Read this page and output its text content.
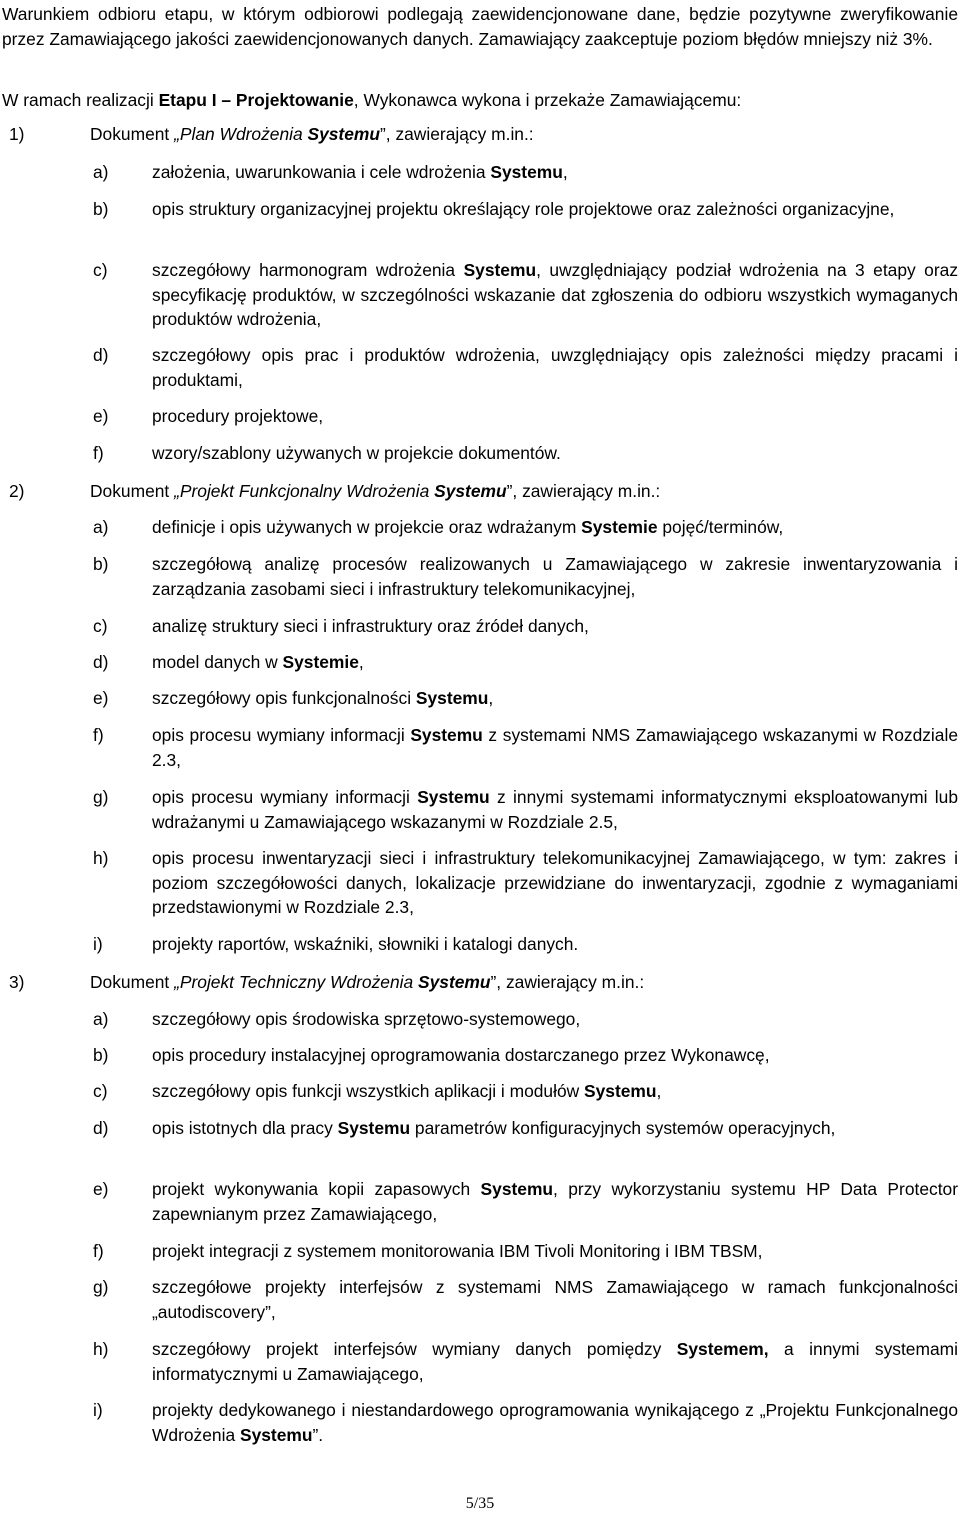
Warunkiem odbioru etapu, w którym odbiorowi podlegają zaewidencjonowane dane, będzie pozytywne zweryfikowanie przez Zamawiającego jakości zaewidencjonowanych danych. Zamawiający zaakceptuje poziom błędów mniejszy niż 3%.
W ramach realizacji Etapu I – Projektowanie, Wykonawca wykona i przekaże Zamawiającemu:
1)	Dokument „Plan Wdrożenia Systemu”, zawierający m.in.:
a)	założenia, uwarunkowania i cele wdrożenia Systemu,
b)	opis struktury organizacyjnej projektu określający role projektowe oraz zależności organizacyjne,
c)	szczegółowy harmonogram wdrożenia Systemu, uwzględniający podział wdrożenia na 3 etapy oraz specyfikację produktów, w szczególności wskazanie dat zgłoszenia do odbioru wszystkich wymaganych produktów wdrożenia,
d)	szczegółowy opis prac i produktów wdrożenia, uwzględniający opis zależności między pracami i produktami,
e)	procedury projektowe,
f)	wzory/szablony używanych w projekcie dokumentów.
2)	Dokument „Projekt Funkcjonalny Wdrożenia Systemu”, zawierający m.in.:
a)	definicje i opis używanych w projekcie oraz wdrażanym Systemie pojęć/terminów,
b)	szczegółową analizę procesów realizowanych u Zamawiającego w zakresie inwentaryzowania i zarządzania zasobami sieci i infrastruktury telekomunikacyjnej,
c)	analizę struktury sieci i infrastruktury oraz źródeł danych,
d)	model danych w Systemie,
e)	szczegółowy opis funkcjonalności Systemu,
f)	opis procesu wymiany informacji Systemu z systemami NMS Zamawiającego wskazanymi w Rozdziale 2.3,
g)	opis procesu wymiany informacji Systemu z innymi systemami informatycznymi eksploatowanymi lub wdrażanymi u Zamawiającego wskazanymi w Rozdziale 2.5,
h)	opis procesu inwentaryzacji sieci i infrastruktury telekomunikacyjnej Zamawiającego, w tym: zakres i poziom szczegółowości danych, lokalizacje przewidziane do inwentaryzacji, zgodnie z wymaganiami przedstawionymi w Rozdziale 2.3,
i)	projekty raportów, wskaźniki, słowniki i katalogi danych.
3)	Dokument „Projekt Techniczny Wdrożenia Systemu”, zawierający m.in.:
a)	szczegółowy opis środowiska sprzętowo-systemowego,
b)	opis procedury instalacyjnej oprogramowania dostarczanego przez Wykonawcę,
c)	szczegółowy opis funkcji wszystkich aplikacji i modułów Systemu,
d)	opis istotnych dla pracy Systemu parametrów konfiguracyjnych systemów operacyjnych,
e)	projekt wykonywania kopii zapasowych Systemu, przy wykorzystaniu systemu HP Data Protector zapewnianym przez Zamawiającego,
f)	projekt integracji z systemem monitorowania IBM Tivoli Monitoring i IBM TBSM,
g)	szczegółowe projekty interfejsów z systemami NMS Zamawiającego w ramach funkcjonalności „autodiscovery”,
h)	szczegółowy projekt interfejsów wymiany danych pomiędzy Systemem, a innymi systemami informatycznymi u Zamawiającego,
i)	projekty dedykowanego i niestandardowego oprogramowania wynikającego z „Projektu Funkcjonalnego Wdrożenia Systemu”.
5/35
